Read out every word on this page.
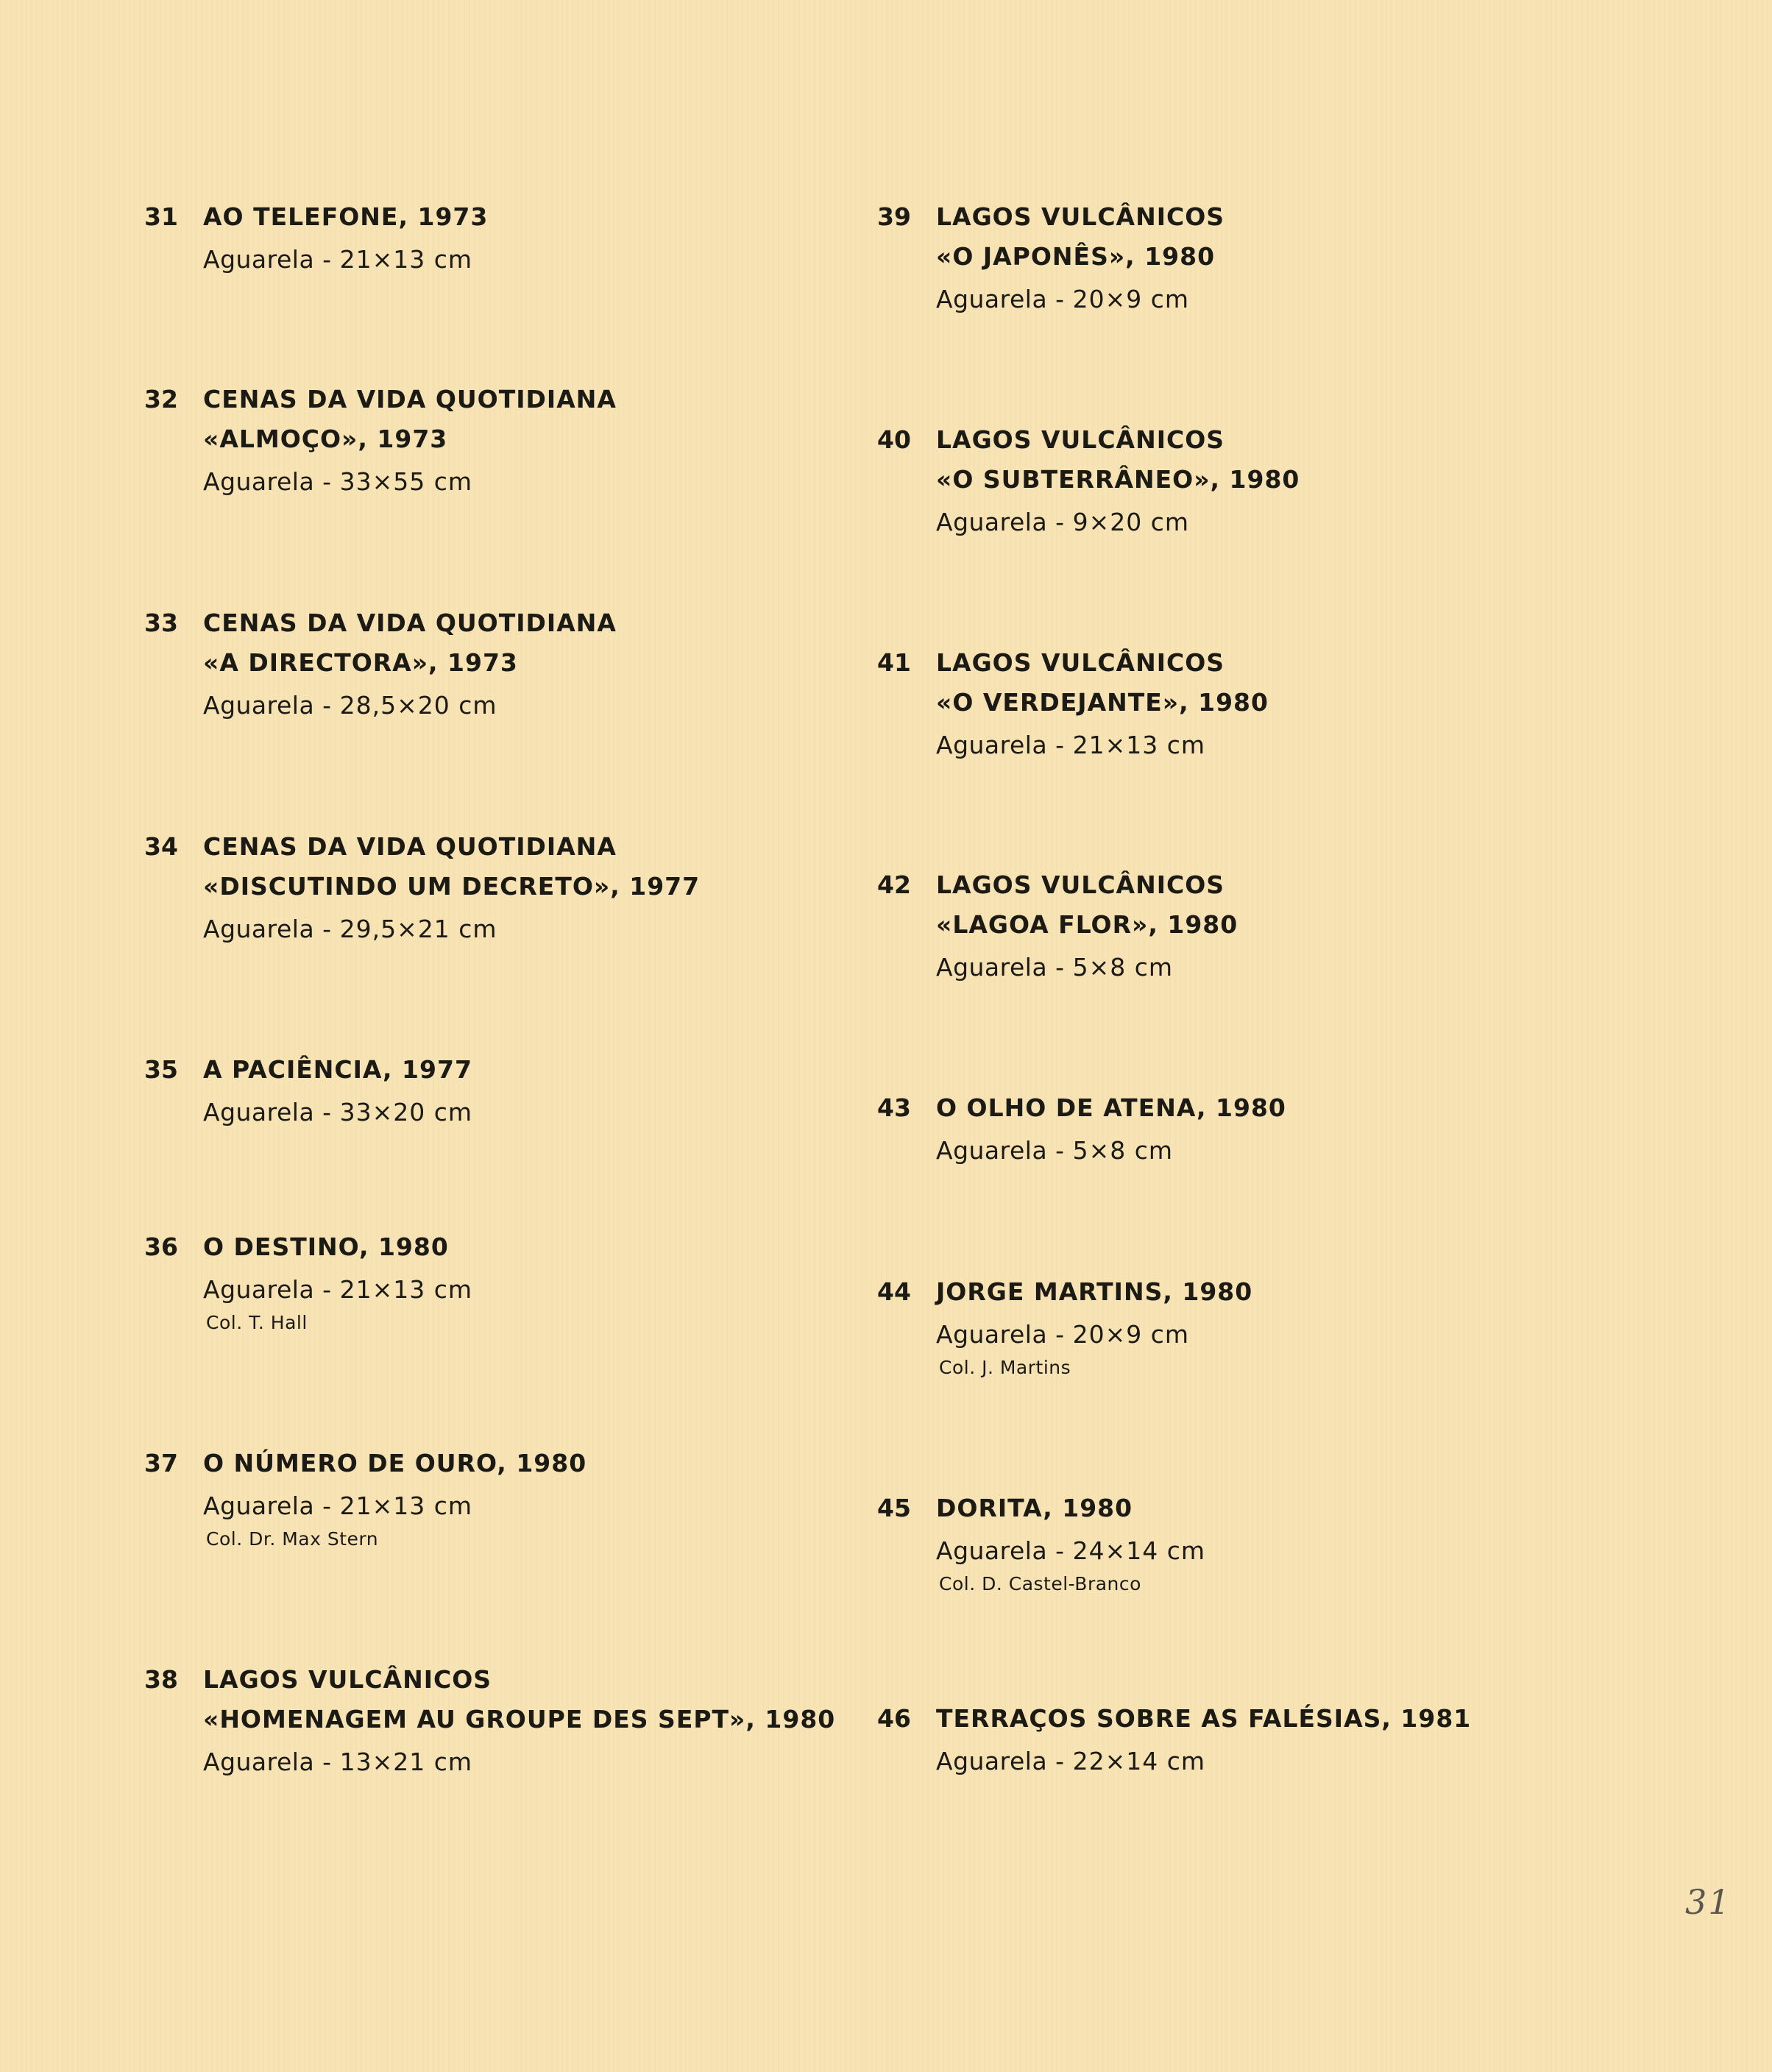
31	AO TELEFONE, 1973
Aguarela - 21×13 cm
32	CENAS DA VIDA QUOTIDIANA
«ALMOÇO», 1973
Aguarela - 33×55 cm
33	CENAS DA VIDA QUOTIDIANA
«A DIRECTORA», 1973
Aguarela - 28,5×20 cm
34	CENAS DA VIDA QUOTIDIANA
«DISCUTINDO UM DECRETO», 1977
Aguarela - 29,5×21 cm
35	A PACIÊNCIA, 1977
Aguarela - 33×20 cm
36	O DESTINO, 1980
Aguarela - 21×13 cm
Col. T. Hall
37	O NÚMERO DE OURO, 1980
Aguarela - 21×13 cm
Col. Dr. Max Stern
38	LAGOS VULCÂNICOS
«HOMENAGEM AU GROUPE DES SEPT», 1980
Aguarela - 13×21 cm
39	LAGOS VULCÂNICOS
«O JAPONÊS», 1980
Aguarela - 20×9 cm
40	LAGOS VULCÂNICOS
«O SUBTERRÂNEO», 1980
Aguarela - 9×20 cm
41	LAGOS VULCÂNICOS
«O VERDEJANTE», 1980
Aguarela - 21×13 cm
42	LAGOS VULCÂNICOS
«LAGOA FLOR», 1980
Aguarela - 5×8 cm
43	O OLHO DE ATENA, 1980
Aguarela - 5×8 cm
44	JORGE MARTINS, 1980
Aguarela - 20×9 cm
Col. J. Martins
45	DORITA, 1980
Aguarela - 24×14 cm
Col. D. Castel-Branco
46	TERRAÇOS SOBRE AS FALÉSIAS, 1981
Aguarela - 22×14 cm
31
